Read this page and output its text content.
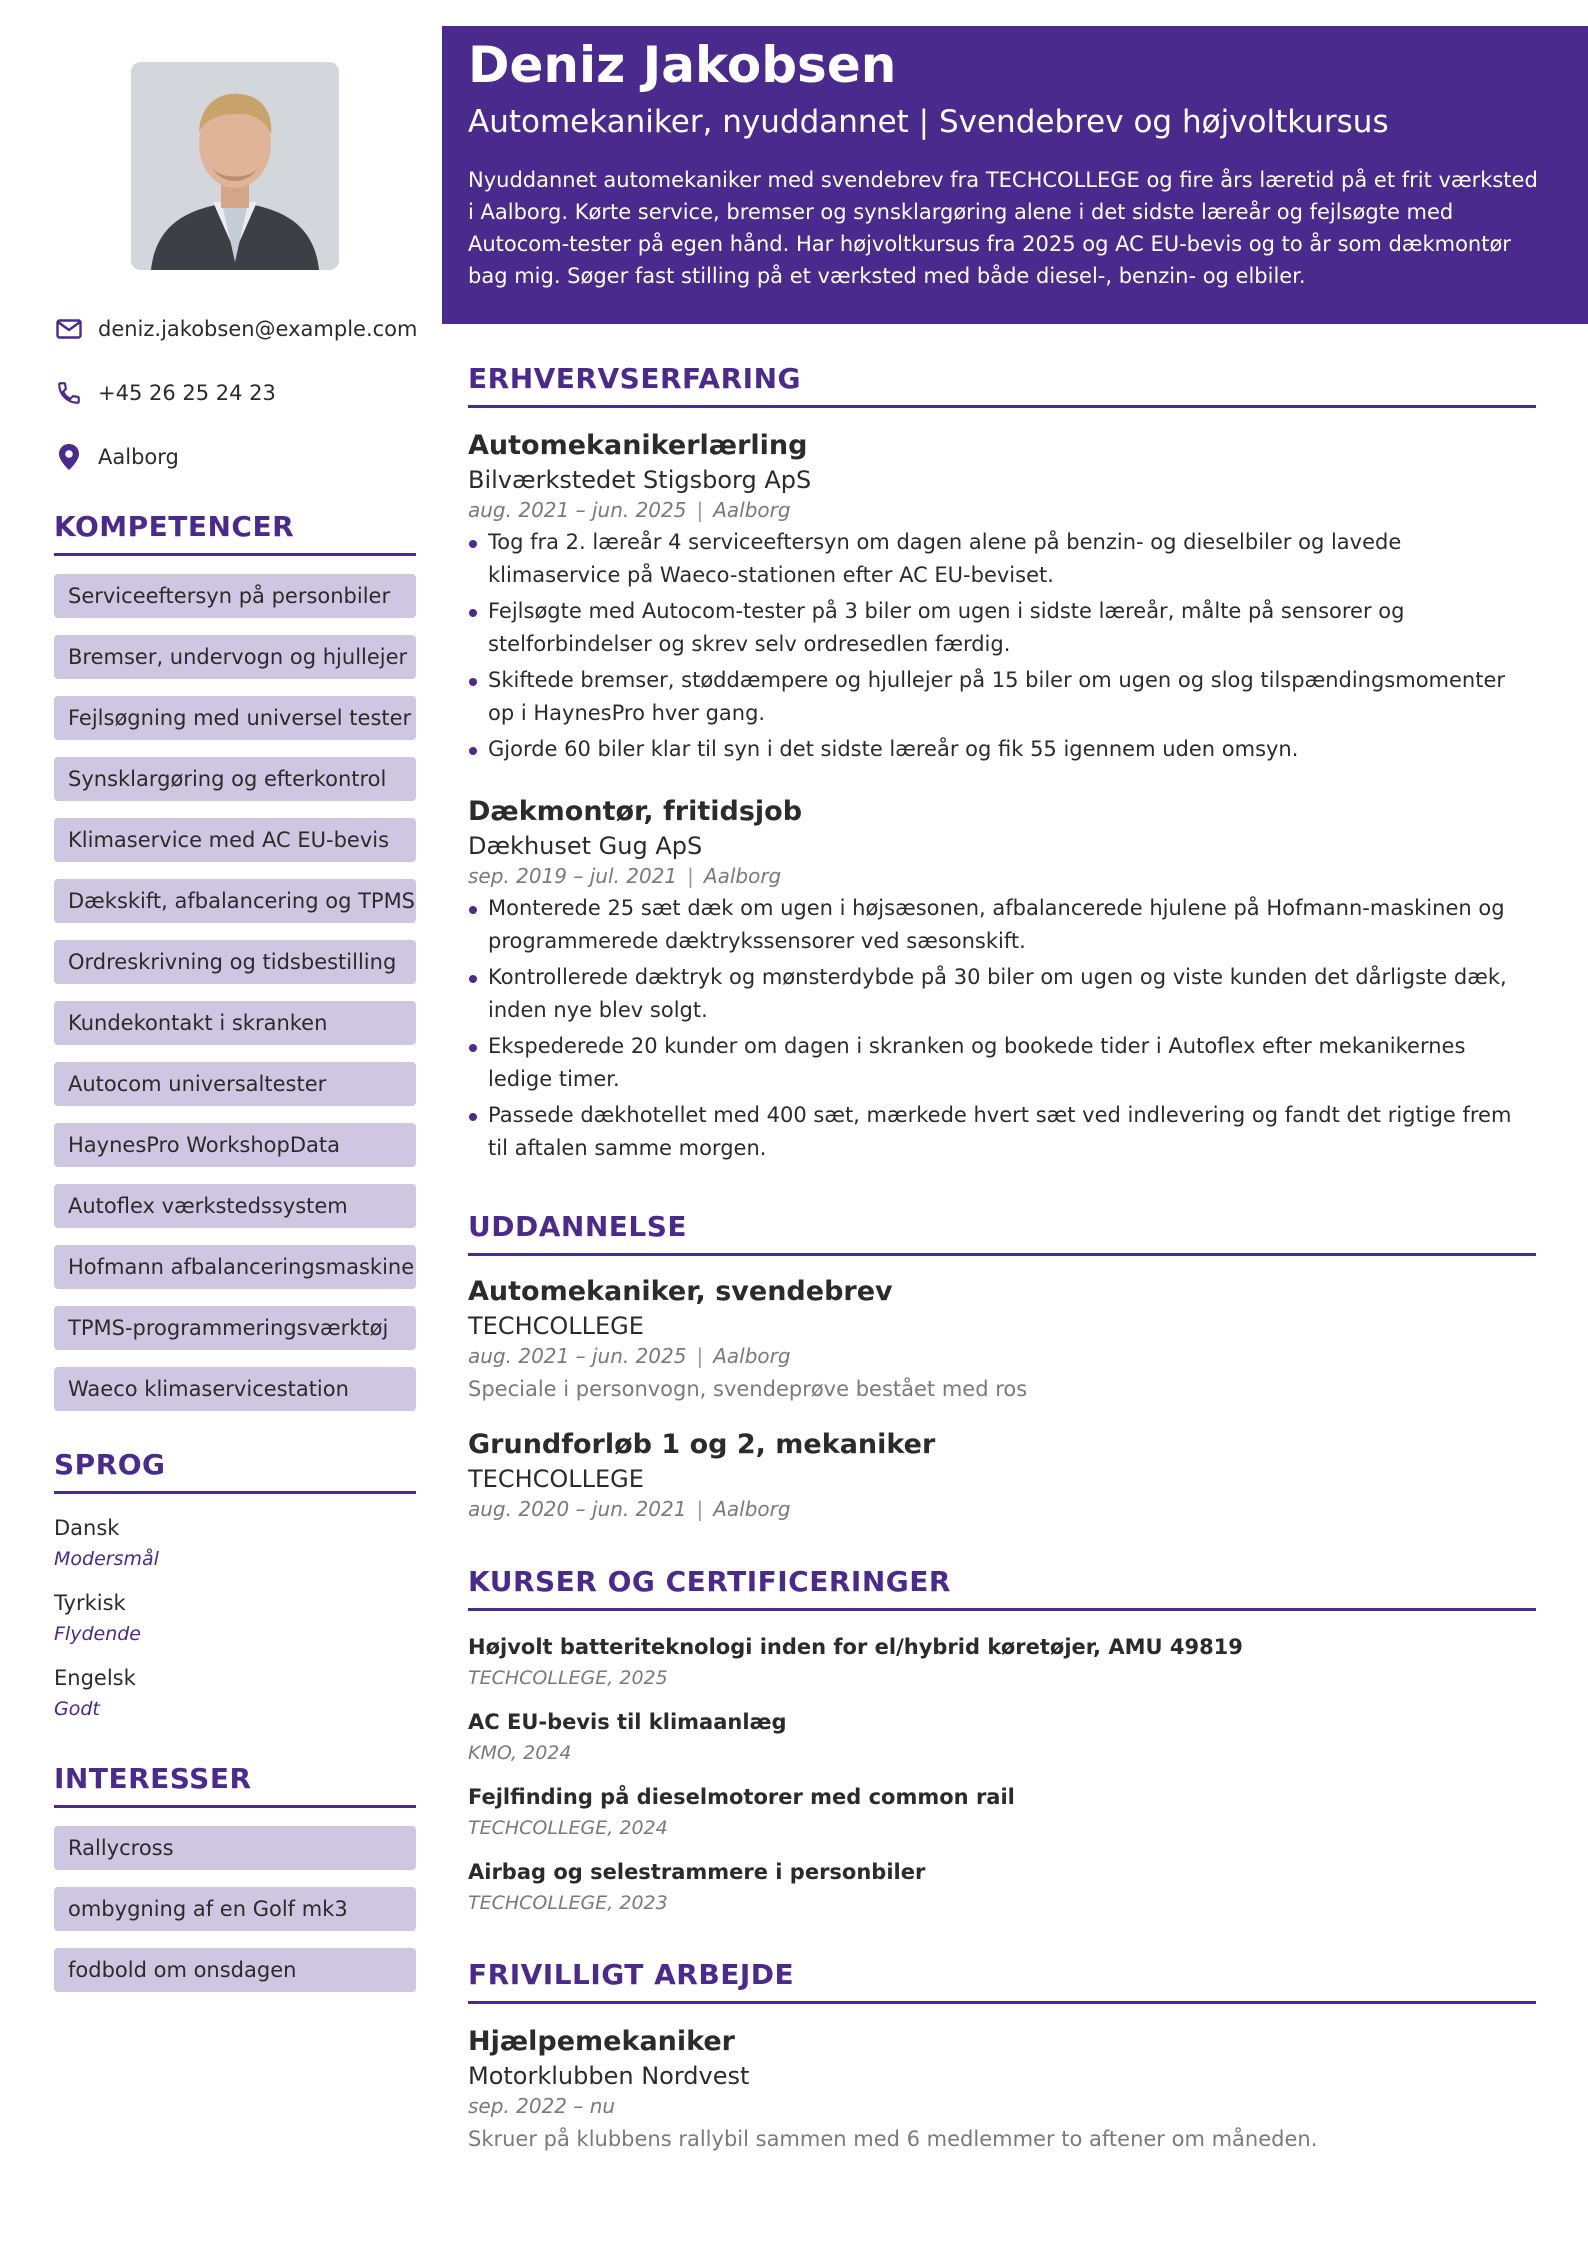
deniz.jakobsen@example.com
+45 26 25 24 23
Aalborg
KOMPETENCER
Serviceeftersyn på personbiler
Bremser, undervogn og hjullejer
Fejlsøgning med universel tester
Synsklargøring og efterkontrol
Klimaservice med AC EU-bevis
Dækskift, afbalancering og TPMS
Ordreskrivning og tidsbestilling
Kundekontakt i skranken
Autocom universaltester
HaynesPro WorkshopData
Autoflex værkstedssystem
Hofmann afbalanceringsmaskine
TPMS-programmeringsværktøj
Waeco klimaservicestation
SPROG
Dansk
Modersmål
Tyrkisk
Flydende
Engelsk
Godt
INTERESSER
Rallycross
ombygning af en Golf mk3
fodbold om onsdagen
Deniz Jakobsen
Automekaniker, nyuddannet | Svendebrev og højvoltkursus
Nyuddannet automekaniker med svendebrev fra TECHCOLLEGE og fire års læretid på et frit værksted i Aalborg. Kørte service, bremser og synsklargøring alene i det sidste læreår og fejlsøgte med Autocom-tester på egen hånd. Har højvoltkursus fra 2025 og AC EU-bevis og to år som dækmontør bag mig. Søger fast stilling på et værksted med både diesel-, benzin- og elbiler.
ERHVERVSERFARING
Automekanikerlærling
Bilværkstedet Stigsborg ApS
aug. 2021 – jun. 2025 | Aalborg
Tog fra 2. læreår 4 serviceeftersyn om dagen alene på benzin- og dieselbiler og lavede klimaservice på Waeco-stationen efter AC EU-beviset.
Fejlsøgte med Autocom-tester på 3 biler om ugen i sidste læreår, målte på sensorer og stelforbindelser og skrev selv ordresedlen færdig.
Skiftede bremser, støddæmpere og hjullejer på 15 biler om ugen og slog tilspændingsmomenter op i HaynesPro hver gang.
Gjorde 60 biler klar til syn i det sidste læreår og fik 55 igennem uden omsyn.
Dækmontør, fritidsjob
Dækhuset Gug ApS
sep. 2019 – jul. 2021 | Aalborg
Monterede 25 sæt dæk om ugen i højsæsonen, afbalancerede hjulene på Hofmann-maskinen og programmerede dæktrykssensorer ved sæsonskift.
Kontrollerede dæktryk og mønsterdybde på 30 biler om ugen og viste kunden det dårligste dæk, inden nye blev solgt.
Ekspederede 20 kunder om dagen i skranken og bookede tider i Autoflex efter mekanikernes ledige timer.
Passede dækhotellet med 400 sæt, mærkede hvert sæt ved indlevering og fandt det rigtige frem til aftalen samme morgen.
UDDANNELSE
Automekaniker, svendebrev
TECHCOLLEGE
aug. 2021 – jun. 2025 | Aalborg
Speciale i personvogn, svendeprøve bestået med ros
Grundforløb 1 og 2, mekaniker
TECHCOLLEGE
aug. 2020 – jun. 2021 | Aalborg
KURSER OG CERTIFICERINGER
Højvolt batteriteknologi inden for el/hybrid køretøjer, AMU 49819
TECHCOLLEGE, 2025
AC EU-bevis til klimaanlæg
KMO, 2024
Fejlfinding på dieselmotorer med common rail
TECHCOLLEGE, 2024
Airbag og selestrammere i personbiler
TECHCOLLEGE, 2023
FRIVILLIGT ARBEJDE
Hjælpemekaniker
Motorklubben Nordvest
sep. 2022 – nu
Skruer på klubbens rallybil sammen med 6 medlemmer to aftener om måneden.
